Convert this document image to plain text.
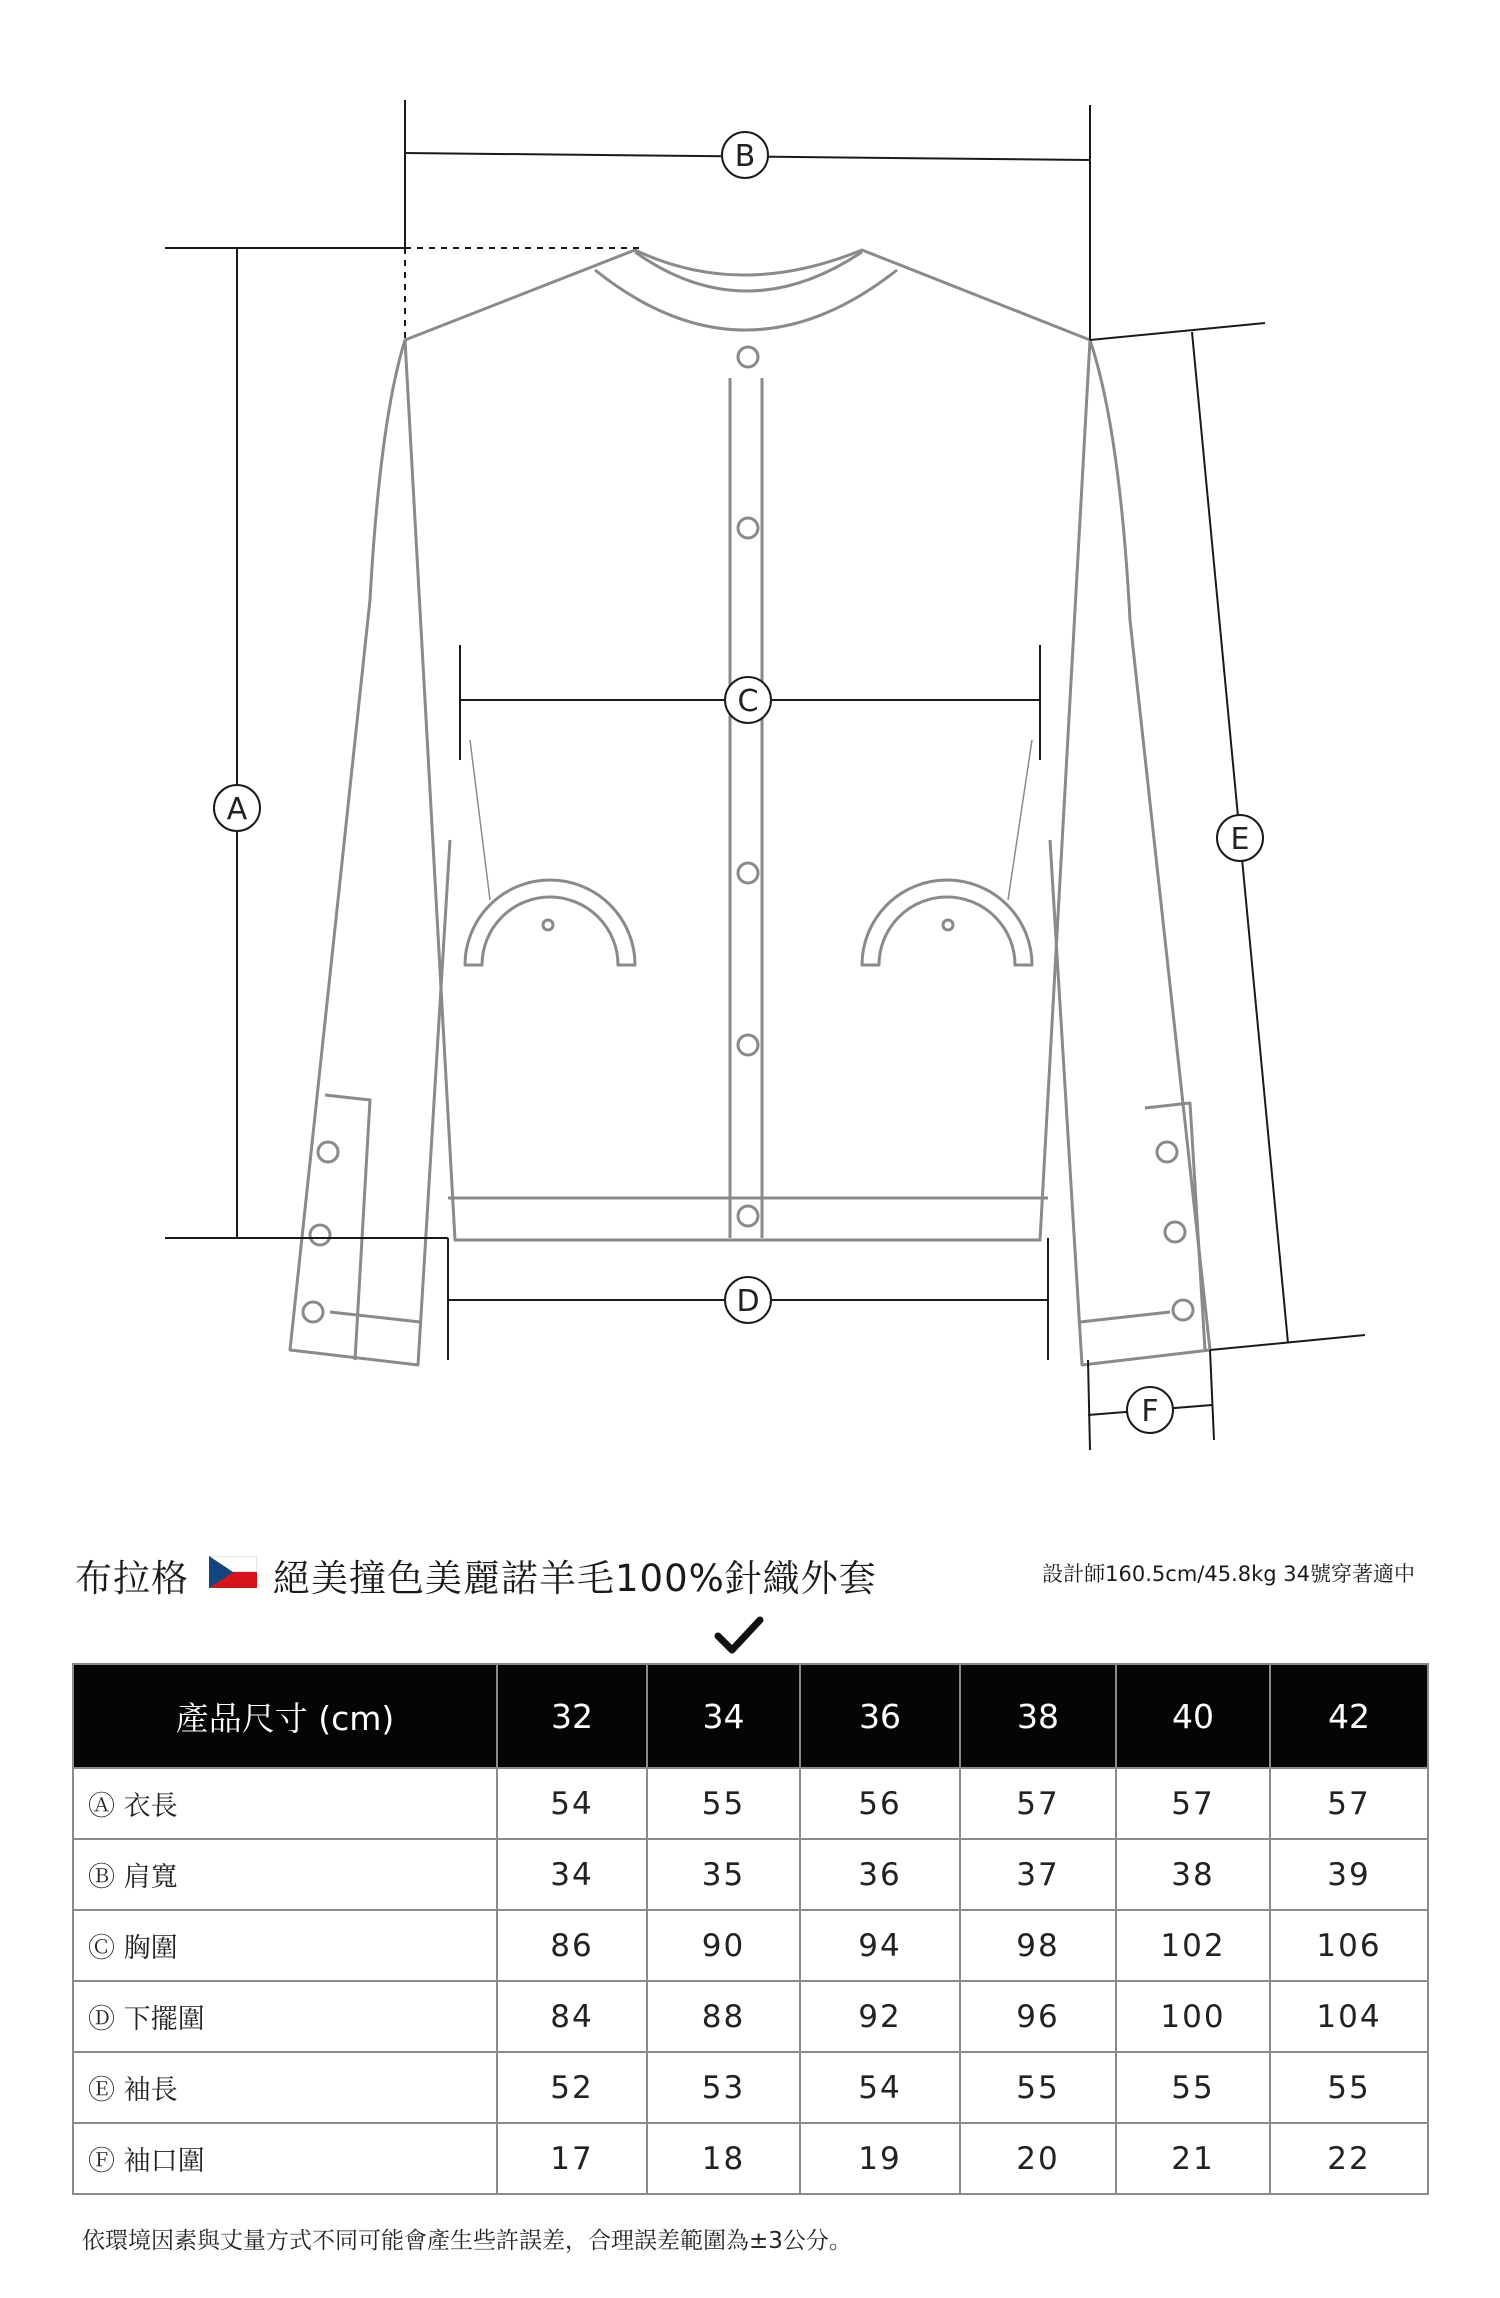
A
B
C
D
E
F
布拉格 絕美撞色美麗諾羊毛100%針織外套	設計師160.5cm/45.8kg 34號穿著適中
產品尺寸 (cm)	32	34	36	38	40	42
Ⓐ 衣長	54	55	56	57	57	57
Ⓑ 肩寬	34	35	36	37	38	39
Ⓒ 胸圍	86	90	94	98	102	106
Ⓓ 下擺圍	84	88	92	96	100	104
Ⓔ 袖長	52	53	54	55	55	55
Ⓕ 袖口圍	17	18	19	20	21	22
依環境因素與丈量方式不同可能會產生些許誤差，合理誤差範圍為±3公分。
